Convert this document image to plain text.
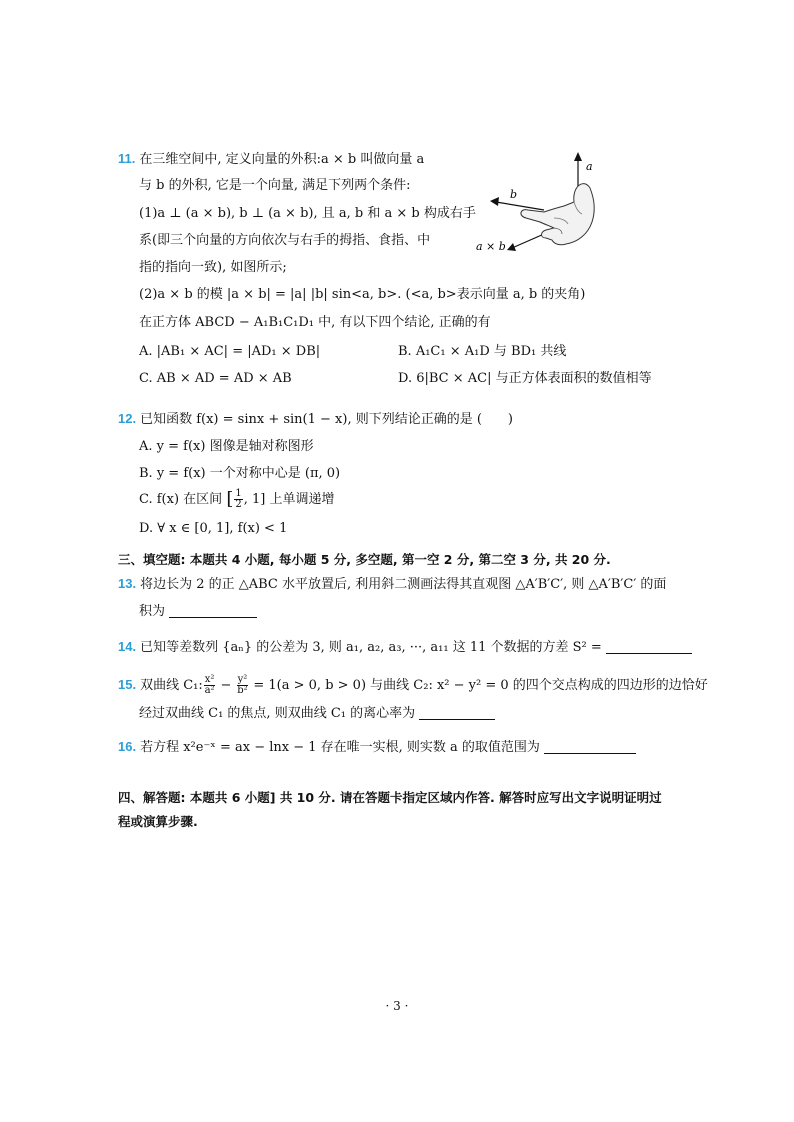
11. 在三维空间中, 定义向量的外积:a × b 叫做向量 a
与 b 的外积, 它是一个向量, 满足下列两个条件:
(1)a ⊥ (a × b), b ⊥ (a × b), 且 a, b 和 a × b 构成右手
系(即三个向量的方向依次与右手的拇指、食指、中
指的指向一致), 如图所示;
(2)a × b 的模 |a × b| = |a| |b| sin<a, b>. (<a, b>表示向量 a, b 的夹角)
在正方体 ABCD − A₁B₁C₁D₁ 中, 有以下四个结论, 正确的有
A. |AB₁ × AC| = |AD₁ × DB|	B. A₁C₁ × A₁D 与 BD₁ 共线
C. AB × AD = AD × AB	D. 6|BC × AC| 与正方体表面积的数值相等
a
b
a × b
12. 已知函数 f(x) = sinx + sin(1 − x), 则下列结论正确的是 (　　)
A. y = f(x) 图像是轴对称图形
B. y = f(x) 一个对称中心是 (π, 0)
C. f(x) 在区间 [ $\frac{1}{2}$ , 1] 上单调递增
D. ∀ x ∈ [0, 1], f(x) < 1
三、填空题: 本题共 4 小题, 每小题 5 分, 多空题, 第一空 2 分, 第二空 3 分, 共 20 分.
13. 将边长为 2 的正 △ABC 水平放置后, 利用斜二测画法得其直观图 △A′B′C′, 则 △A′B′C′ 的面
积为
14. 已知等差数列 {aₙ} 的公差为 3, 则 a₁, a₂, a₃, ···, a₁₁ 这 11 个数据的方差 S² =
15. 双曲线 C₁: $\frac{\text{x²}}{\text{a²}} - \frac{\text{y²}}{\text{b²}} = 1(a > 0$, b > 0) 与曲线 C₂: x² − y² = 0 的四个交点构成的四边形的边恰好
经过双曲线 C₁ 的焦点, 则双曲线 C₁ 的离心率为
16. 若方程 x²e⁻ˣ = ax − lnx − 1 存在唯一实根, 则实数 a 的取值范围为
四、解答题: 本题共 6 小题] 共 10 分. 请在答题卡指定区域内作答. 解答时应写出文字说明证明过
程或演算步骤.
· 3 ·
